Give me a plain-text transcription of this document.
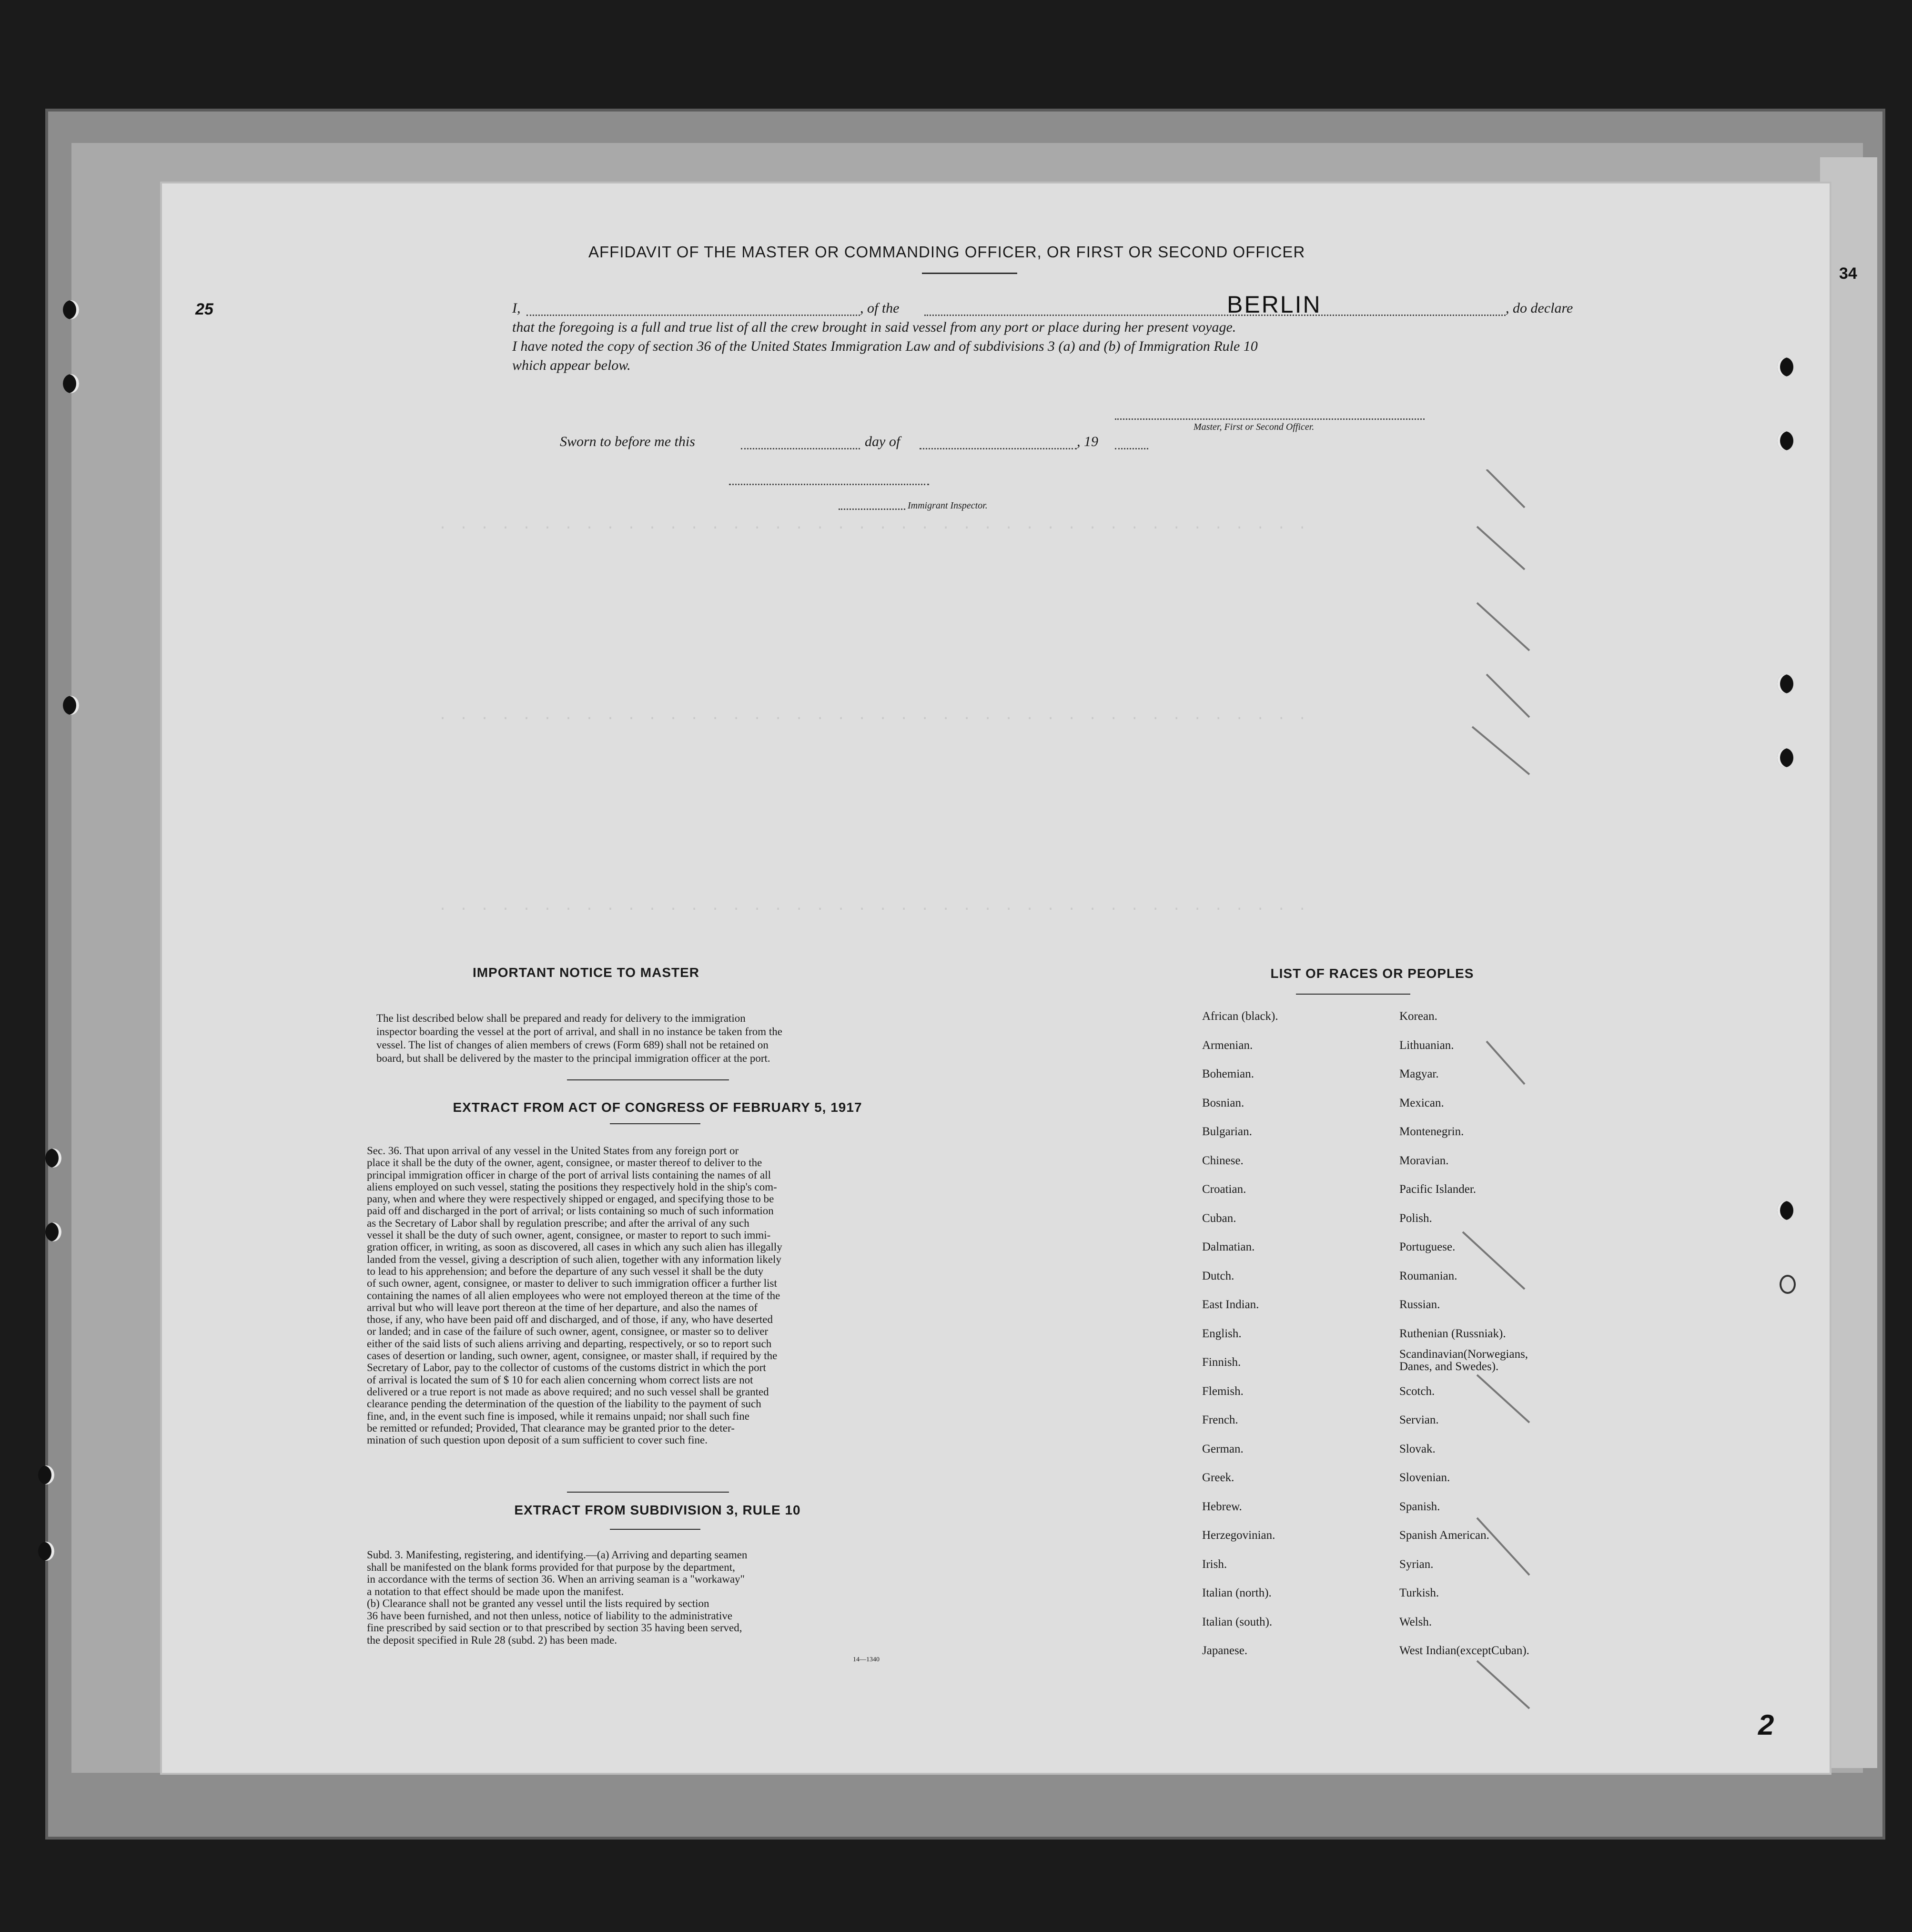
. . . . . . . . . . . . . . . . . . . . . . . . . . . . . . . . . . . . . . . . . .
. . . . . . . . . . . . . . . . . . . . . . . . . . . . . . . . . . . . . . . . . .
. . . . . . . . . . . . . . . . . . . . . . . . . . . . . . . . . . . . . . . . . .
AFFIDAVIT OF THE MASTER OR COMMANDING OFFICER, OR FIRST OR SECOND OFFICER
I,	, of the	BERLIN	, do declare
that the foregoing is a full and true list of all the crew brought in said vessel from any port or place during her present voyage.
I have noted the copy of section 36 of the United States Immigration Law and of subdivisions 3 (a) and (b) of Immigration Rule 10
which appear below.
Master, First or Second Officer.
Sworn to before me this	day of	, 19
Immigrant Inspector.
IMPORTANT NOTICE TO MASTER
The list described below shall be prepared and ready for delivery to the immigration
inspector boarding the vessel at the port of arrival, and shall in no instance be taken from the
vessel. The list of changes of alien members of crews (Form 689) shall not be retained on
board, but shall be delivered by the master to the principal immigration officer at the port.
EXTRACT FROM ACT OF CONGRESS OF FEBRUARY 5, 1917
Sec. 36. That upon arrival of any vessel in the United States from any foreign port or
place it shall be the duty of the owner, agent, consignee, or master thereof to deliver to the
principal immigration officer in charge of the port of arrival lists containing the names of all
aliens employed on such vessel, stating the positions they respectively hold in the ship's com-
pany, when and where they were respectively shipped or engaged, and specifying those to be
paid off and discharged in the port of arrival; or lists containing so much of such information
as the Secretary of Labor shall by regulation prescribe; and after the arrival of any such
vessel it shall be the duty of such owner, agent, consignee, or master to report to such immi-
gration officer, in writing, as soon as discovered, all cases in which any such alien has illegally
landed from the vessel, giving a description of such alien, together with any information likely
to lead to his apprehension; and before the departure of any such vessel it shall be the duty
of such owner, agent, consignee, or master to deliver to such immigration officer a further list
containing the names of all alien employees who were not employed thereon at the time of the
arrival but who will leave port thereon at the time of her departure, and also the names of
those, if any, who have been paid off and discharged, and of those, if any, who have deserted
or landed; and in case of the failure of such owner, agent, consignee, or master so to deliver
either of the said lists of such aliens arriving and departing, respectively, or so to report such
cases of desertion or landing, such owner, agent, consignee, or master shall, if required by the
Secretary of Labor, pay to the collector of customs of the customs district in which the port
of arrival is located the sum of $ 10 for each alien concerning whom correct lists are not
delivered or a true report is not made as above required; and no such vessel shall be granted
clearance pending the determination of the question of the liability to the payment of such
fine, and, in the event such fine is imposed, while it remains unpaid; nor shall such fine
be remitted or refunded; Provided, That clearance may be granted prior to the deter-
mination of such question upon deposit of a sum sufficient to cover such fine.
EXTRACT FROM SUBDIVISION 3, RULE 10
Subd. 3. Manifesting, registering, and identifying.—(a) Arriving and departing seamen
shall be manifested on the blank forms provided for that purpose by the department,
in accordance with the terms of section 36. When an arriving seaman is a "workaway"
a notation to that effect should be made upon the manifest.
(b) Clearance shall not be granted any vessel until the lists required by section
36 have been furnished, and not then unless, notice of liability to the administrative
fine prescribed by said section or to that prescribed by section 35 having been served,
the deposit specified in Rule 28 (subd. 2) has been made.
14—1340
LIST OF RACES OR PEOPLES
African (black).
Armenian.
Bohemian.
Bosnian.
Bulgarian.
Chinese.
Croatian.
Cuban.
Dalmatian.
Dutch.
East Indian.
English.
Finnish.
Flemish.
French.
German.
Greek.
Hebrew.
Herzegovinian.
Irish.
Italian (north).
Italian (south).
Japanese.
Korean.
Lithuanian.
Magyar.
Mexican.
Montenegrin.
Moravian.
Pacific Islander.
Polish.
Portuguese.
Roumanian.
Russian.
Ruthenian (Russniak).
Scandinavian(Norwegians, Danes, and Swedes).
Scotch.
Servian.
Slovak.
Slovenian.
Spanish.
Spanish American.
Syrian.
Turkish.
Welsh.
West Indian(exceptCuban).
2
34
25
